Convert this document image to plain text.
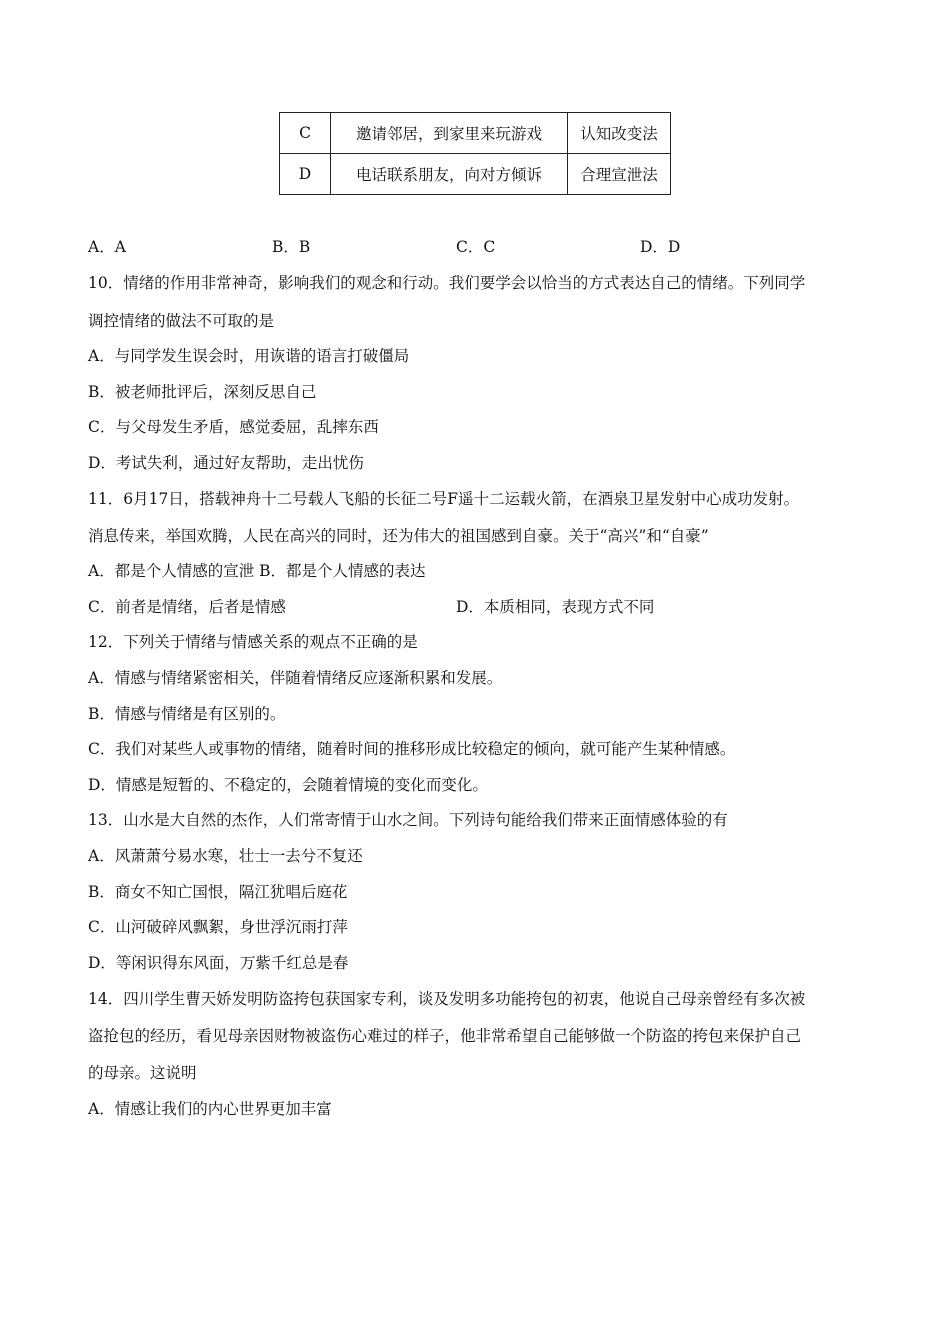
C	邀请邻居，到家里来玩游戏	认知改变法
D	电话联系朋友，向对方倾诉	合理宣泄法
A．A	B．B	C．C	D．D
10．情绪的作用非常神奇，影响我们的观念和行动。我们要学会以恰当的方式表达自己的情绪。下列同学
调控情绪的做法不可取的是
A．与同学发生误会时，用诙谐的语言打破僵局
B．被老师批评后，深刻反思自己
C．与父母发生矛盾，感觉委屈，乱摔东西
D．考试失利，通过好友帮助，走出忧伤
11．6月17日，搭载神舟十二号载人飞船的长征二号F遥十二运载火箭，在酒泉卫星发射中心成功发射。
消息传来，举国欢腾，人民在高兴的同时，还为伟大的祖国感到自豪。关于“高兴”和“自豪”
A．都是个人情感的宣泄 B．都是个人情感的表达
C．前者是情绪，后者是情感	D．本质相同，表现方式不同
12．下列关于情绪与情感关系的观点不正确的是
A．情感与情绪紧密相关，伴随着情绪反应逐渐积累和发展。
B．情感与情绪是有区别的。
C．我们对某些人或事物的情绪，随着时间的推移形成比较稳定的倾向，就可能产生某种情感。
D．情感是短暂的、不稳定的，会随着情境的变化而变化。
13．山水是大自然的杰作，人们常寄情于山水之间。下列诗句能给我们带来正面情感体验的有
A．风萧萧兮易水寒，壮士一去兮不复还
B．商女不知亡国恨，隔江犹唱后庭花
C．山河破碎风飘絮，身世浮沉雨打萍
D．等闲识得东风面，万紫千红总是春
14．四川学生曹天娇发明防盗挎包获国家专利，谈及发明多功能挎包的初衷，他说自己母亲曾经有多次被
盗抢包的经历，看见母亲因财物被盗伤心难过的样子，他非常希望自己能够做一个防盗的挎包来保护自己
的母亲。这说明
A．情感让我们的内心世界更加丰富
